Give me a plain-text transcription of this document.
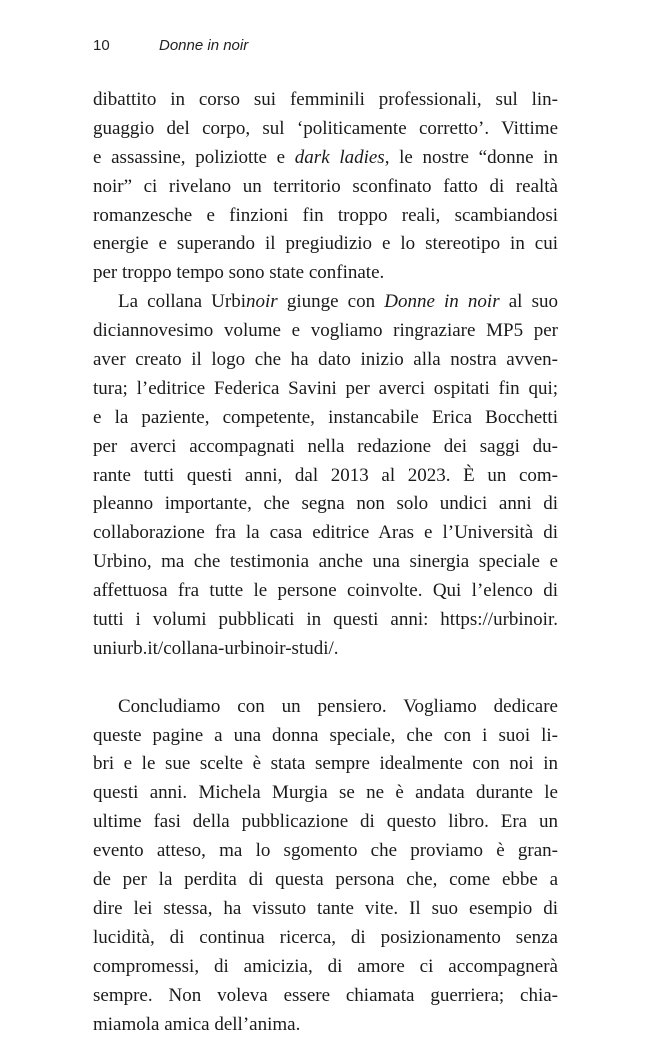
10	Donne in noir
dibattito in corso sui femminili professionali, sul lin-
guaggio del corpo, sul ‘politicamente corretto’. Vittime
e assassine, poliziotte e dark ladies, le nostre “donne in
noir” ci rivelano un territorio sconfinato fatto di realtà
romanzesche e finzioni fin troppo reali, scambiandosi
energie e superando il pregiudizio e lo stereotipo in cui
per troppo tempo sono state confinate.
La collana Urbinoir giunge con Donne in noir al suo
diciannovesimo volume e vogliamo ringraziare MP5 per
aver creato il logo che ha dato inizio alla nostra avven-
tura; l’editrice Federica Savini per averci ospitati fin qui;
e la paziente, competente, instancabile Erica Bocchetti
per averci accompagnati nella redazione dei saggi du-
rante tutti questi anni, dal 2013 al 2023. È un com-
pleanno importante, che segna non solo undici anni di
collaborazione fra la casa editrice Aras e l’Università di
Urbino, ma che testimonia anche una sinergia speciale e
affettuosa fra tutte le persone coinvolte. Qui l’elenco di
tutti i volumi pubblicati in questi anni: https://urbinoir.
uniurb.it/collana-urbinoir-studi/.
Concludiamo con un pensiero. Vogliamo dedicare
queste pagine a una donna speciale, che con i suoi li-
bri e le sue scelte è stata sempre idealmente con noi in
questi anni. Michela Murgia se ne è andata durante le
ultime fasi della pubblicazione di questo libro. Era un
evento atteso, ma lo sgomento che proviamo è gran-
de per la perdita di questa persona che, come ebbe a
dire lei stessa, ha vissuto tante vite. Il suo esempio di
lucidità, di continua ricerca, di posizionamento senza
compromessi, di amicizia, di amore ci accompagnerà
sempre. Non voleva essere chiamata guerriera; chia-
miamola amica dell’anima.
